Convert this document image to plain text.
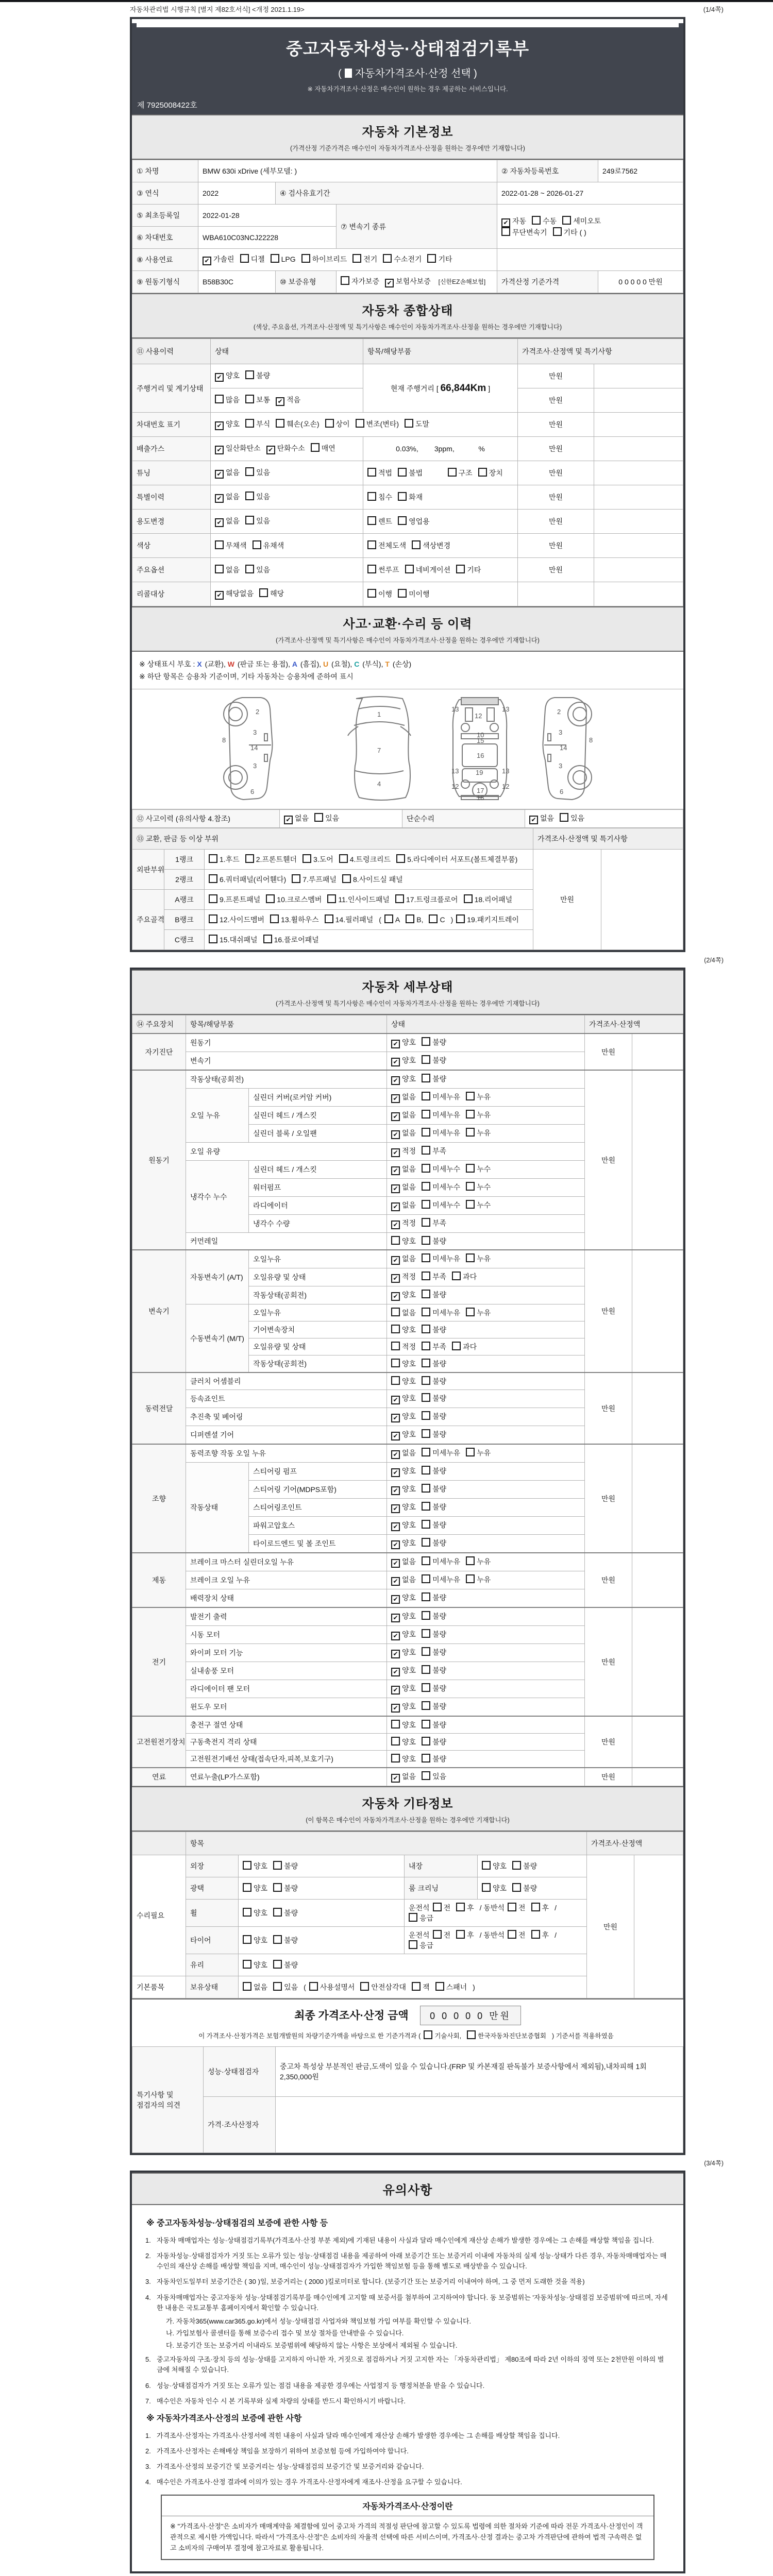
자동차관리법 시행규칙 [별지 제82호서식] <개정 2021.1.19>	(1/4쪽)
중고자동차성능·상태점검기록부
( 자동차가격조사·산정 선택 )
※ 자동차가격조사·산정은 매수인이 원하는 경우 제공하는 서비스입니다.
제 7925008422호
자동차 기본정보
(가격산정 기준가격은 매수인이 자동차가격조사·산정을 원하는 경우에만 기재합니다)
① 차명	BMW 630i xDrive (세부모델: )			② 자동차등록번호	249로7562
③ 연식	2022	④ 검사유효기간		2022-01-28 ~ 2026-01-27	
⑤ 최초등록일	2022-01-28		⑦ 변속기 종류	✔자동 수동 세미오토
무단변속기 기타 ( )
⑥ 차대번호	WBA610C03NCJ22228				
⑧ 사용연료	✔가솔린 디젤 LPG 하이브리드 전기 수소전기 기타	
⑨ 원동기형식	B58B30C	⑩ 보증유형	자가보증 ✔ 보험사보증 [신한EZ손해보험]	가격산정 기준가격	0 0 0 0 0 만원
자동차 종합상태
(색상, 주요옵션, 가격조사·산정액 및 특기사항은 매수인이 자동차가격조사·산정을 원하는 경우에만 기재합니다)
⑪ 사용이력	상태	항목/해당부품	가격조사·산정액 및 특기사항	
주행거리 및 계기상태	✔양호 불량	현재 주행거리 [ 66,844Km ]	만원	
	많음 보통 ✔ 적음		만원	
차대번호 표기	✔양호 부식 훼손(오손) 상이 변조(변타) 도말		만원	
배출가스	✔일산화탄소 ✔ 탄화수소 매연	0.03%,        3ppm,            %	만원	
튜닝	✔없음 있음	적법 불법 구조 장치	만원	
특별이력	✔없음 있음	침수 화재	만원	
용도변경	✔없음 있음	렌트 영업용	만원	
색상	무채색 유채색	전체도색 색상변경	만원	
주요옵션	없음 있음	썬루프 네비게이션 기타	만원	
리콜대상	✔해당없음 해당	이행 미이행		
사고·교환·수리 등 이력
(가격조사·산정액 및 특기사항은 매수인이 자동차가격조사·산정을 원하는 경우에만 기재합니다)
※ 상태표시 부호 : X (교환), W (판금 또는 용접), A (흠집), U (요철), C (부식), T (손상)
※ 하단 항목은 승용차 기준이며, 기타 자동차는 승용차에 준하여 표시
2
8
3
14
3
6
1
7
4
13
12
13
10
15
16
13	19	13
12
17
12
18
2
8
3
14
3
6
⑫ 사고이력 (유의사항 4.참조)	✔없음 있음	단순수리	✔없음 있음
⑬ 교환, 판금 등 이상 부위			가격조사·산정액 및 특기사항	
외판부위	1랭크	1.후드 2.프론트휀더 3.도어 4.트렁크리드 5.라디에이터 서포트(볼트체결부품)	만원	
	2랭크	6.쿼터패널(리어휀다) 7.루프패널 8.사이드실 패널		
주요골격	A랭크	9.프론트패널 10.크로스멤버 11.인사이드패널 17.트렁크플로어 18.리어패널		
	B랭크	12.사이드멤버 13.휠하우스 14.필러패널 ( A B, C ) 19.패키지트레이		
	C랭크	15.대쉬패널 16.플로어패널		
(2/4쪽)
자동차 세부상태
(가격조사·산정액 및 특기사항은 매수인이 자동차가격조사·산정을 원하는 경우에만 기재합니다)
⑭ 주요장치	항목/해당부품		상태	가격조사·산정액	
자기진단	원동기	✔양호 불량	만원	
	변속기	✔양호 불량
원동기	작동상태(공회전)	✔양호 불량	만원	
	오일 누유	실린더 커버(로커암 커버)	✔없음 미세누유 누유
		실린더 헤드 / 개스킷	✔없음 미세누유 누유
		실린더 블록 / 오일팬	✔없음 미세누유 누유
	오일 유량	✔적정 부족
	냉각수 누수	실린더 헤드 / 개스킷	✔없음 미세누수 누수
		워터펌프	✔없음 미세누수 누수
		라디에이터	✔없음 미세누수 누수
		냉각수 수량	✔적정 부족
	커먼레일		양호 불량		
변속기	자동변속기 (A/T)	오일누유	✔없음 미세누유 누유	만원	
		오일유량 및 상태	✔적정 부족 과다
		작동상태(공회전)	✔양호 불량
	수동변속기 (M/T)	오일누유	없음 미세누유 누유		
		기어변속장치	양호 불량		
		오일유량 및 상태	적정 부족 과다		
		작동상태(공회전)	양호 불량		
동력전달	클러치 어셈블리		양호 불량	만원	
	등속죠인트	✔양호 불량
	추진축 및 베어링	✔양호 불량
	디퍼렌셜 기어	✔양호 불량
조향	동력조향 작동 오일 누유	✔없음 미세누유 누유	만원	
	작동상태	스티어링 펌프	✔양호 불량
		스티어링 기어(MDPS포함)	✔양호 불량
		스티어링조인트	✔양호 불량
		파워고압호스	✔양호 불량
		타이로드엔드 및 볼 조인트	✔양호 불량
제동	브레이크 마스터 실린더오일 누유	✔없음 미세누유 누유	만원	
	브레이크 오일 누유	✔없음 미세누유 누유
	배력장치 상태	✔양호 불량
전기	발전기 출력	✔양호 불량	만원	
	시동 모터	✔양호 불량
	와이퍼 모터 기능	✔양호 불량
	실내송풍 모터	✔양호 불량
	라디에이터 팬 모터	✔양호 불량
	윈도우 모터	✔양호 불량
고전원전기장치	충전구 절연 상태		양호 불량	만원	
	구동축전지 격리 상태		양호 불량		
	고전원전기배선 상태(접속단자,피복,보호기구)		양호 불량		
연료	연료누출(LP가스포함)	✔없음 있음	만원	
자동차 기타정보
(이 항목은 매수인이 자동차가격조사·산정을 원하는 경우에만 기재합니다)
	항목				가격조사·산정액	
수리필요	외장	양호 불량	내장	양호 불량	만원	
	광택	양호 불량	룸 크리닝	양호 불량		
	휠	양호 불량	운전석 전 후 / 동반석 전 후 /응급			
	타이어	양호 불량	운전석 전 후 / 동반석 전 후 /응급			
	유리	양호 불량				
기본품목	보유상태	없음 있음 ( 사용설명서 안전삼각대 잭 스패너 )				
최종 가격조사·산정 금액 0 0 0 0 0 만원
이 가격조사·산정가격은 보험개발원의 차량기준가액을 바탕으로 한 기준가격과 ( 기술사회,	한국자동차진단보증협회 ) 기준서를 적용하였음
특기사항 및 점검자의 의견	성능·상태점검자	중고차 특성상 부분적인 판금,도색이 있을 수 있습니다.(FRP 및 카본재질 판독불가 보증사항에서 제외됨),내차피해 1회 2,350,000원
	가격·조사산정자	
(3/4쪽)
유의사항
※ 중고자동차성능·상태점검의 보증에 관한 사항 등
1. 자동차 매매업자는 성능·상태점검기록부(가격조사·산정 부분 제외)에 기재된 내용이 사실과 달라 매수인에게 재산상 손해가 발생한 경우에는 그 손해를 배상할 책임을 집니다.
2. 자동차성능·상태점검자가 거짓 또는 오류가 있는 성능·상태점검 내용을 제공하여 아래 보증기간 또는 보증거리 이내에 자동차의 실제 성능·상태가 다른 경우, 자동차매매업자는 매수인의 재산상 손해를 배상할 책임을 지며, 매수인이 성능·상태점검자가 가입한 책임보험 등을 통해 별도로 배상받을 수 있습니다.
3. 자동차인도일부터 보증기간은 ( 30 )일, 보증거리는 ( 2000 )킬로미터로 합니다. (보증기간 또는 보증거리 이내여야 하며, 그 중 먼저 도래한 것을 적용)
4. 자동차매매업자는 중고자동차 성능·상태점검기록부를 매수인에게 고지할 때 보증서를 첨부하여 고지하여야 합니다. 동 보증범위는 '자동차성능·상태점검 보증범위'에 따르며, 자세한 내용은 국토교통부 홈페이지에서 확인할 수 있습니다.
가. 자동차365(www.car365.go.kr)에서 성능·상태점검 사업자와 책임보험 가입 여부를 확인할 수 있습니다.
나. 가입보험사 콜센터를 통해 보증수리 접수 및 보상 절차를 안내받을 수 있습니다.
다. 보증기간 또는 보증거리 이내라도 보증범위에 해당하지 않는 사항은 보상에서 제외될 수 있습니다.
5. 중고자동차의 구조·장치 등의 성능·상태를 고지하지 아니한 자, 거짓으로 점검하거나 거짓 고지한 자는 「자동차관리법」 제80조에 따라 2년 이하의 징역 또는 2천만원 이하의 벌금에 처해질 수 있습니다.
6. 성능·상태점검자가 거짓 또는 오류가 있는 점검 내용을 제공한 경우에는 사업정지 등 행정처분을 받을 수 있습니다.
7. 매수인은 자동차 인수 시 본 기록부와 실제 차량의 상태를 반드시 확인하시기 바랍니다.
※ 자동차가격조사·산정의 보증에 관한 사항
1. 가격조사·산정자는 가격조사·산정서에 적힌 내용이 사실과 달라 매수인에게 재산상 손해가 발생한 경우에는 그 손해를 배상할 책임을 집니다.
2. 가격조사·산정자는 손해배상 책임을 보장하기 위하여 보증보험 등에 가입하여야 합니다.
3. 가격조사·산정의 보증기간 및 보증거리는 성능·상태점검의 보증기간 및 보증거리와 같습니다.
4. 매수인은 가격조사·산정 결과에 이의가 있는 경우 가격조사·산정자에게 재조사·산정을 요구할 수 있습니다.
자동차가격조사·산정이란
※ "가격조사·산정"은 소비자가 매매계약을 체결함에 있어 중고차 가격의 적절성 판단에 참고할 수 있도록 법령에 의한 절차와 기준에 따라 전문 가격조사·산정인이 객관적으로 제시한 가액입니다. 따라서 "가격조사·산정"은 소비자의 자율적 선택에 따른 서비스이며, 가격조사·산정 결과는 중고차 가격판단에 관하여 법적 구속력은 없고 소비자의 구매여부 결정에 참고자료로 활용됩니다.
